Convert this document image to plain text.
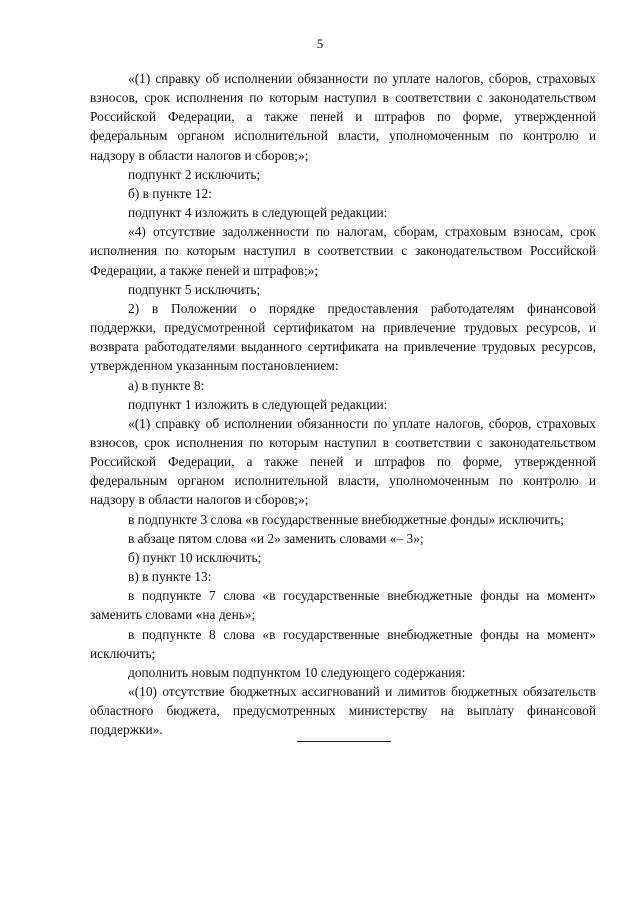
5

«(1) справку об исполнении обязанности по уплате налогов, сборов, страховых взносов, срок исполнения по которым наступил в соответствии с законодательством Российской Федерации, а также пеней и штрафов по форме, утвержденной федеральным органом исполнительной власти, уполномоченным по контролю и надзору в области налогов и сборов;»;

подпункт 2 исключить;

б) в пункте 12:

подпункт 4 изложить в следующей редакции:

«4) отсутствие задолженности по налогам, сборам, страховым взносам, срок исполнения по которым наступил в соответствии с законодательством Российской Федерации, а также пеней и штрафов;»;

подпункт 5 исключить;

2) в Положении о порядке предоставления работодателям финансовой поддержки, предусмотренной сертификатом на привлечение трудовых ресурсов, и возврата работодателями выданного сертификата на привлечение трудовых ресурсов, утвержденном указанным постановлением:

а) в пункте 8:

подпункт 1 изложить в следующей редакции:

«(1) справку об исполнении обязанности по уплате налогов, сборов, страховых взносов, срок исполнения по которым наступил в соответствии с законодательством Российской Федерации, а также пеней и штрафов по форме, утвержденной федеральным органом исполнительной власти, уполномоченным по контролю и надзору в области налогов и сборов;»;

в подпункте 3 слова «в государственные внебюджетные фонды» исключить;

в абзаце пятом слова «и 2» заменить словами «– 3»;

б) пункт 10 исключить;

в) в пункте 13:

в подпункте 7 слова «в государственные внебюджетные фонды на момент» заменить словами «на день»;

в подпункте 8 слова «в государственные внебюджетные фонды на момент» исключить;

дополнить новым подпунктом 10 следующего содержания:

«(10) отсутствие бюджетных ассигнований и лимитов бюджетных обязательств областного бюджета, предусмотренных министерству на выплату финансовой поддержки».
